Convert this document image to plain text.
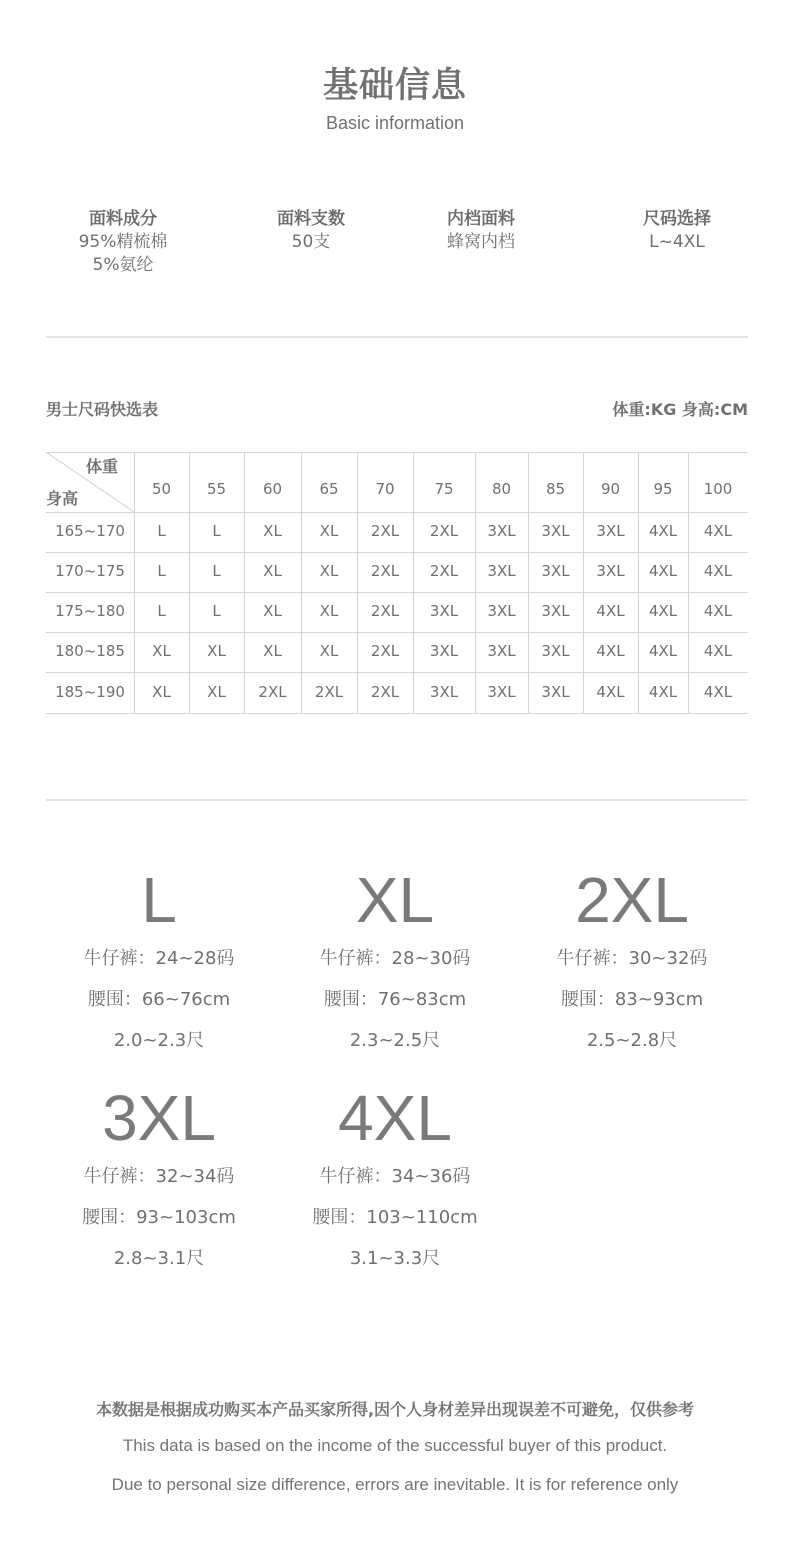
基础信息
Basic information
面料成分
95%精梳棉
5%氨纶
面料支数
50支
内档面料
蜂窝内档
尺码选择
L~4XL
男士尺码快选表	体重:KG 身高:CM
体重
身高	50	55	60	65	70	75	80	85	90	95	100
165~170	L	L	XL	XL	2XL	2XL	3XL	3XL	3XL	4XL	4XL
170~175	L	L	XL	XL	2XL	2XL	3XL	3XL	3XL	4XL	4XL
175~180	L	L	XL	XL	2XL	3XL	3XL	3XL	4XL	4XL	4XL
180~185	XL	XL	XL	XL	2XL	3XL	3XL	3XL	4XL	4XL	4XL
185~190	XL	XL	2XL	2XL	2XL	3XL	3XL	3XL	4XL	4XL	4XL
L
牛仔裤：24~28码
腰围：66~76cm
2.0~2.3尺
XL
牛仔裤：28~30码
腰围：76~83cm
2.3~2.5尺
2XL
牛仔裤：30~32码
腰围：83~93cm
2.5~2.8尺
3XL
牛仔裤：32~34码
腰围：93~103cm
2.8~3.1尺
4XL
牛仔裤：34~36码
腰围：103~110cm
3.1~3.3尺
本数据是根据成功购买本产品买家所得,因个人身材差异出现误差不可避免，仅供参考
This data is based on the income of the successful buyer of this product.
Due to personal size difference, errors are inevitable. It is for reference only
